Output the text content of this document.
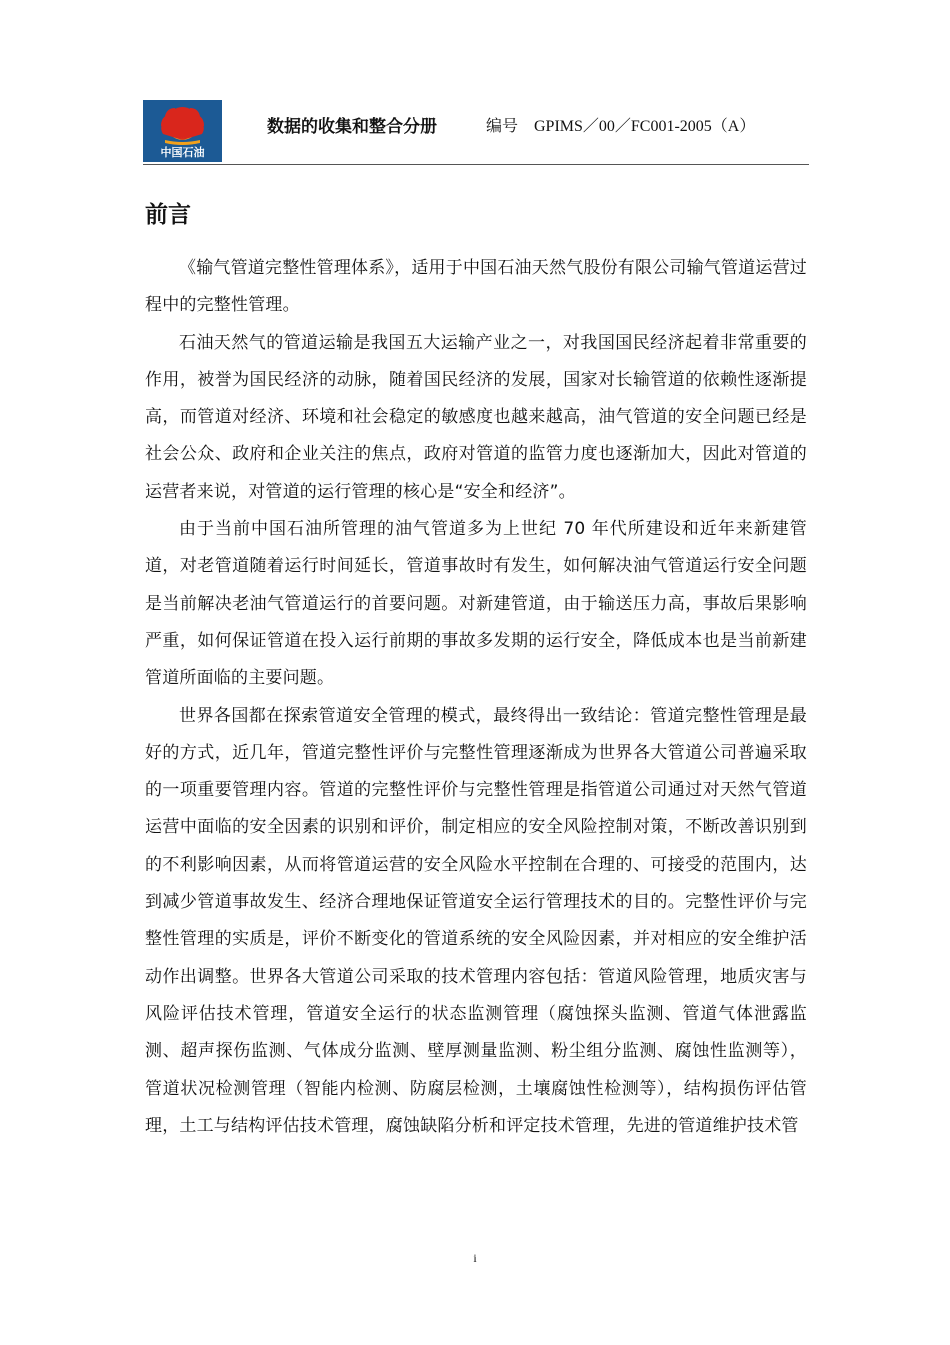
中国石油
数据的收集和整合分册	编号 GPIMS／00／FC001-2005（A）
前言

《输气管道完整性管理体系》，适用于中国石油天然气股份有限公司输气管道运营过程中的完整性管理。

石油天然气的管道运输是我国五大运输产业之一，对我国国民经济起着非常重要的作用，被誉为国民经济的动脉，随着国民经济的发展，国家对长输管道的依赖性逐渐提高，而管道对经济、环境和社会稳定的敏感度也越来越高，油气管道的安全问题已经是社会公众、政府和企业关注的焦点，政府对管道的监管力度也逐渐加大，因此对管道的运营者来说，对管道的运行管理的核心是“安全和经济”。

由于当前中国石油所管理的油气管道多为上世纪 70 年代所建设和近年来新建管道，对老管道随着运行时间延长，管道事故时有发生，如何解决油气管道运行安全问题是当前解决老油气管道运行的首要问题。对新建管道，由于输送压力高，事故后果影响严重，如何保证管道在投入运行前期的事故多发期的运行安全，降低成本也是当前新建管道所面临的主要问题。

世界各国都在探索管道安全管理的模式，最终得出一致结论：管道完整性管理是最好的方式，近几年，管道完整性评价与完整性管理逐渐成为世界各大管道公司普遍采取的一项重要管理内容。管道的完整性评价与完整性管理是指管道公司通过对天然气管道运营中面临的安全因素的识别和评价，制定相应的安全风险控制对策，不断改善识别到的不利影响因素，从而将管道运营的安全风险水平控制在合理的、可接受的范围内，达到减少管道事故发生、经济合理地保证管道安全运行管理技术的目的。完整性评价与完整性管理的实质是，评价不断变化的管道系统的安全风险因素，并对相应的安全维护活动作出调整。世界各大管道公司采取的技术管理内容包括：管道风险管理，地质灾害与风险评估技术管理，管道安全运行的状态监测管理（腐蚀探头监测、管道气体泄露监测、超声探伤监测、气体成分监测、壁厚测量监测、粉尘组分监测、腐蚀性监测等），管道状况检测管理（智能内检测、防腐层检测，土壤腐蚀性检测等），结构损伤评估管理，土工与结构评估技术管理，腐蚀缺陷分析和评定技术管理，先进的管道维护技术管

i
